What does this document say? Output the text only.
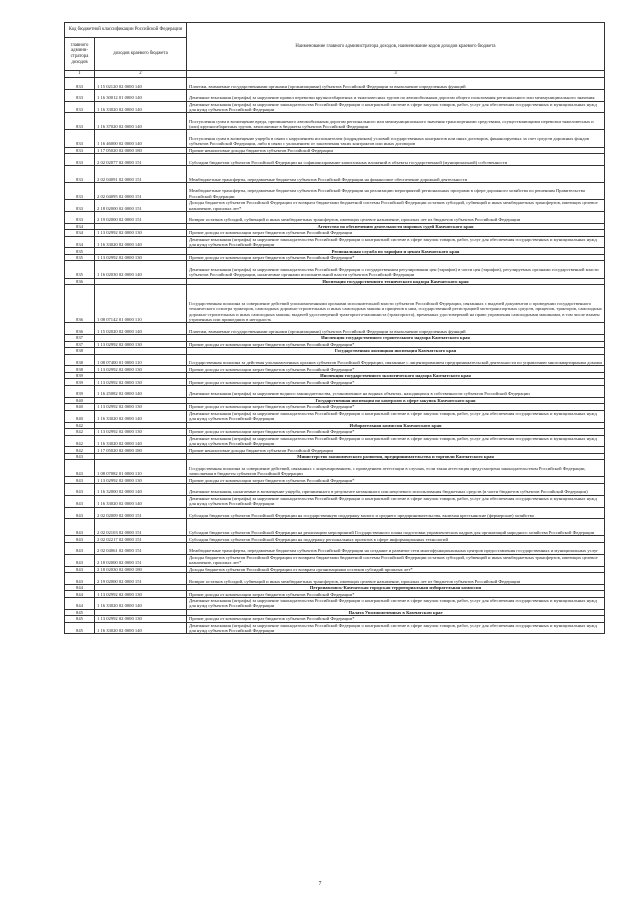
Код бюджетной классификации Российской Федерации		Наименование главного администратора доходов, наименование кодов доходов краевого бюджета
главного админи-стратора доходов	доходов краевого бюджета	
1	2	3
833	1 15 02120 02 0000 140	Платежи, взимаемые государственными органами (организациями) субъектов Российской Федерации за выполнение определенных функций
833	1 16 30012 01 0000 140	Денежные взыскания (штрафы) за нарушение правил перевозки крупногабаритных и тяжеловесных грузов по автомобильным дорогам общего пользования регионального или межмуниципального значения
833	1 16 33020 02 0000 140	Денежные взыскания (штрафы) за нарушение законодательства Российской Федерации о контрактной системе в сфере закупок товаров, работ, услуг для обеспечения государственных и муниципальных нужд для нужд субъектов Российской Федерации
833	1 16 37020 02 0000 140	Поступления сумм в возмещение вреда, причиняемого автомобильным дорогам регионального или межмуниципального значения транспортными средствами, осуществляющими перевозки тяжеловесных и (или) крупногабаритных грузов, зачисляемые в бюджеты субъектов Российской Федерации
833	1 16 46000 02 0000 140	Поступления сумм в возмещение ущерба в связи с нарушением исполнителем (подрядчиком) условий государственных контрактов или иных договоров, финансируемых за счет средств дорожных фондов субъектов Российской Федерации, либо в связи с уклонением от заключения таких контрактов или иных договоров
833	1 17 05020 02 0000 180	Прочие неналоговые доходы бюджетов субъектов Российской Федерации
833	2 02 02077 02 0000 151	Субсидии бюджетам субъектов Российской Федерации на софинансирование капитальных вложений в объекты государственной (муниципальной) собственности
833	2 02 04091 02 0000 151	Межбюджетные трансферты, передаваемые бюджетам субъектов Российской Федерации на финансовое обеспечение дорожной деятельности
833	2 02 04095 02 0000 151	Межбюджетные трансферты, передаваемые бюджетам субъектов Российской Федерации на реализацию мероприятий региональных программ в сфере дорожного хозяйства по решениям Правительства Российской Федерации
833	2 18 02000 02 0000 151	Доходы бюджетов субъектов Российской Федерации от возврата бюджетами бюджетной системы Российской Федерации остатков субсидий, субвенций и иных межбюджетных трансфертов, имеющих целевое назначение, прошлых лет*
833	2 19 02000 02 0000 151	Возврат остатков субсидий, субвенций и иных межбюджетных трансфертов, имеющих целевое назначение, прошлых лет из бюджетов субъектов Российской Федерации
834		Агентство по обеспечению деятельности мировых судей Камчатского края
834	1 13 02992 02 0000 130	Прочие доходы от компенсации затрат бюджетов субъектов Российской Федерации
834	1 16 33020 02 0000 140	Денежные взыскания (штрафы) за нарушение законодательства Российской Федерации о контрактной системе в сфере закупок товаров, работ, услуг для обеспечения государственных и муниципальных нужд для нужд субъектов Российской Федерации
835		Региональная служба по тарифам и ценам Камчатского края
835	1 13 02992 02 0000 130	Прочие доходы от компенсации затрат бюджетов субъектов Российской Федерации*
835	1 16 02030 02 0000 140	Денежные взыскания (штрафы) за нарушение законодательства Российской Федерации о государственном регулировании цен (тарифов) в части цен (тарифов), регулируемых органами государственной власти субъектов Российской Федерации, налагаемые органами исполнительной власти субъектов Российской Федерации
836		Инспекция государственного технического надзора Камчатского края
836	1 08 07142 01 0000 110	Государственная пошлина за совершение действий уполномоченными органами исполнительной власти субъектов Российской Федерации, связанных с выдачей документов о проведении государственного технического осмотра тракторов, самоходных дорожно-строительных и иных самоходных машин и прицепов к ним, государственной регистрацией мототранспортных средств, прицепов, тракторов, самоходных дорожно-строительных и иных самоходных машин, выдачей удостоверений тракториста-машиниста (тракториста), временных удостоверений на право управления самоходными машинами, в том числе взамен утраченных или пришедших в негодность
836	1 15 02020 02 0000 140	Платежи, взимаемые государственными органами (организациями) субъектов Российской Федерации за выполнение определенных функций
837		Инспекция государственного строительного надзора Камчатского края
837	1 13 02992 02 0000 130	Прочие доходы от компенсации затрат бюджетов субъектов Российской Федерации*
838		Государственная жилищная инспекция Камчатского края
838	1 08 07400 01 0000 110	Государственная пошлина за действия уполномоченных органов субъектов Российской Федерации, связанные с лицензированием предпринимательской деятельности по управлению многоквартирными домами
838	1 13 02992 02 0000 130	Прочие доходы от компенсации затрат бюджетов субъектов Российской Федерации*
839		Инспекция государственного экологического надзора Камчатского края
839	1 13 02992 02 0000 130	Прочие доходы от компенсации затрат бюджетов субъектов Российской Федерации*
839	1 16 25082 02 0000 140	Денежные взыскания (штрафы) за нарушение водного законодательства, установленное на водных объектах, находящихся в собственности субъектов Российской Федерации
840		Государственная инспекция по контролю в сфере закупок Камчатского края
840	1 13 02992 02 0000 130	Прочие доходы от компенсации затрат бюджетов субъектов Российской Федерации*
840	1 16 33020 02 0000 140	Денежные взыскания (штрафы) за нарушение законодательства Российской Федерации о контрактной системе в сфере закупок товаров, работ, услуг для обеспечения государственных и муниципальных нужд для нужд субъектов Российской Федерации
842		Избирательная комиссия Камчатского края
842	1 13 02992 02 0000 130	Прочие доходы от компенсации затрат бюджетов субъектов Российской Федерации*
842	1 16 33020 02 0000 140	Денежные взыскания (штрафы) за нарушение законодательства Российской Федерации о контрактной системе в сфере закупок товаров, работ, услуг для обеспечения государственных и муниципальных нужд для нужд субъектов Российской Федерации
842	1 17 05020 02 0000 180	Прочие неналоговые доходы бюджетов субъектов Российской Федерации
843		Министерство экономического развития, предпринимательства и торговли Камчатского края
843	1 08 07082 01 0000 110	Государственная пошлина за совершение действий, связанных с лицензированием, с проведением аттестации в случаях, если такая аттестация предусмотрена законодательством Российской Федерации, зачисляемая в бюджеты субъектов Российской Федерации
843	1 13 02992 02 0000 130	Прочие доходы от компенсации затрат бюджетов субъектов Российской Федерации*
843	1 16 32000 02 0000 140	Денежные взыскания, налагаемые в возмещение ущерба, причиненного в результате незаконного или нецелевого использования бюджетных средств (в части бюджетов субъектов Российской Федерации)
843	1 16 33020 02 0000 140	Денежные взыскания (штрафы) за нарушение законодательства Российской Федерации о контрактной системе в сфере закупок товаров, работ, услуг для обеспечения государственных и муниципальных нужд для нужд субъектов Российской Федерации
843	2 02 02009 02 0000 151	Субсидии бюджетам субъектов Российской Федерации на государственную поддержку малого и среднего предпринимательства, включая крестьянские (фермерские) хозяйства
843	2 02 02103 02 0000 151	Субсидии бюджетам субъектов Российской Федерации на реализацию мероприятий Государственного плана подготовки управленческих кадров для организаций народного хозяйства Российской Федерации
843	2 02 02217 02 0000 151	Субсидии бюджетам субъектов Российской Федерации на поддержку региональных проектов в сфере информационных технологий
843	2 02 04061 02 0000 151	Межбюджетные трансферты, передаваемые бюджетам субъектов Российской Федерации на создание и развитие сети многофункциональных центров предоставления государственных и муниципальных услуг
843	2 18 02000 02 0000 151	Доходы бюджетов субъектов Российской Федерации от возврата бюджетами бюджетной системы Российской Федерации остатков субсидий, субвенций и иных межбюджетных трансфертов, имеющих целевое назначение, прошлых лет*
843	2 18 02030 02 0000 180	Доходы бюджетов субъектов Российской Федерации от возврата организациями остатков субсидий прошлых лет*
843	2 19 02000 02 0000 151	Возврат остатков субсидий, субвенций и иных межбюджетных трансфертов, имеющих целевое назначение, прошлых лет из бюджетов субъектов Российской Федерации
844		Петропавловск-Камчатская городская территориальная избирательная комиссия
844	1 13 02992 02 0000 130	Прочие доходы от компенсации затрат бюджетов субъектов Российской Федерации*
844	1 16 33020 02 0000 140	Денежные взыскания (штрафы) за нарушение законодательства Российской Федерации о контрактной системе в сфере закупок товаров, работ, услуг для обеспечения государственных и муниципальных нужд для нужд субъектов Российской Федерации
845		Палата Уполномоченных в Камчатском крае
845	1 13 02992 02 0000 130	Прочие доходы от компенсации затрат бюджетов субъектов Российской Федерации*
845	1 16 33020 02 0000 140	Денежные взыскания (штрафы) за нарушение законодательства Российской Федерации о контрактной системе в сфере закупок товаров, работ, услуг для обеспечения государственных и муниципальных нужд для нужд субъектов Российской Федерации
7
